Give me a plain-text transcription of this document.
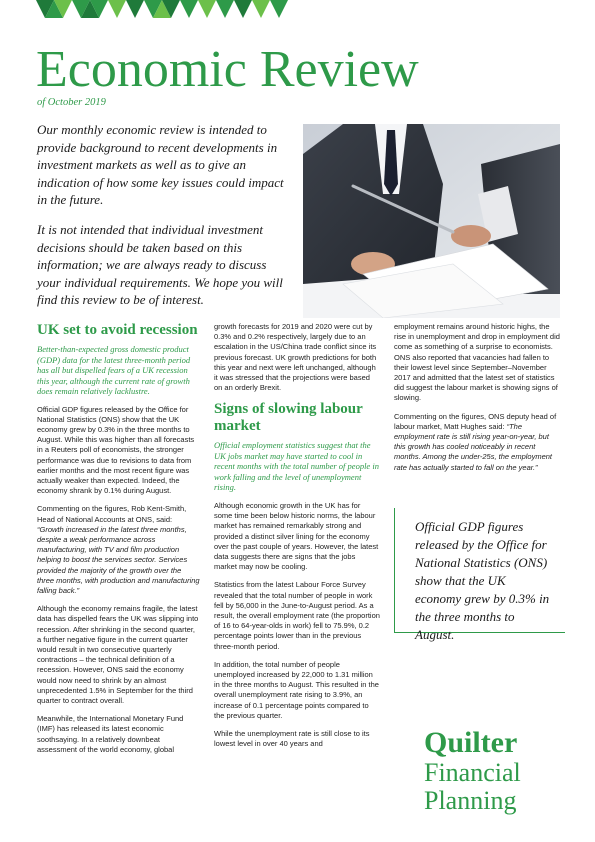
Economic Review
of October 2019

Our monthly economic review is intended to provide background to recent developments in investment markets as well as to give an indication of how some key issues could impact in the future.

It is not intended that individual investment decisions should be taken based on this information; we are always ready to discuss your individual requirements. We hope you will find this review to be of interest.

UK set to avoid recession

Better-than-expected gross domestic product (GDP) data for the latest three-month period has all but dispelled fears of a UK recession this year, although the current rate of growth does remain relatively lacklustre.

Official GDP figures released by the Office for National Statistics (ONS) show that the UK economy grew by 0.3% in the three months to August. While this was higher than all forecasts in a Reuters poll of economists, the stronger performance was due to revisions to data from earlier months and the most recent figure was actually weaker than expected. Indeed, the economy shrank by 0.1% during August.

Commenting on the figures, Rob Kent-Smith, Head of National Accounts at ONS, said: “Growth increased in the latest three months, despite a weak performance across manufacturing, with TV and film production helping to boost the services sector. Services provided the majority of the growth over the three months, with production and manufacturing falling back.”

Although the economy remains fragile, the latest data has dispelled fears the UK was slipping into recession. After shrinking in the second quarter, a further negative figure in the current quarter would result in two consecutive quarterly contractions – the technical definition of a recession. However, ONS said the economy would now need to shrink by an almost unprecedented 1.5% in September for the third quarter to contract overall.

Meanwhile, the International Monetary Fund (IMF) has released its latest economic soothsaying. In a relatively downbeat assessment of the world economy, global

growth forecasts for 2019 and 2020 were cut by 0.3% and 0.2% respectively, largely due to an escalation in the US/China trade conflict since its previous forecast. UK growth predictions for both this year and next were left unchanged, although it was stressed that the projections were based on an orderly Brexit.

Signs of slowing labour market

Official employment statistics suggest that the UK jobs market may have started to cool in recent months with the total number of people in work falling and the level of unemployment rising.

Although economic growth in the UK has for some time been below historic norms, the labour market has remained remarkably strong and provided a distinct silver lining for the economy over the past couple of years. However, the latest data suggests there are signs that the jobs market may now be cooling.

Statistics from the latest Labour Force Survey revealed that the total number of people in work fell by 56,000 in the June-to-August period. As a result, the overall employment rate (the proportion of 16 to 64-year-olds in work) fell to 75.9%, 0.2 percentage points lower than in the previous three-month period.

In addition, the total number of people unemployed increased by 22,000 to 1.31 million in the three months to August. This resulted in the overall unemployment rate rising to 3.9%, an increase of 0.1 percentage points compared to the previous quarter.

While the unemployment rate is still close to its lowest level in over 40 years and

employment remains around historic highs, the rise in unemployment and drop in employment did come as something of a surprise to economists. ONS also reported that vacancies had fallen to their lowest level since September–November 2017 and admitted that the latest set of statistics did suggest the labour market is showing signs of slowing.

Commenting on the figures, ONS deputy head of labour market, Matt Hughes said: “The employment rate is still rising year-on-year, but this growth has cooled noticeably in recent months. Among the under-25s, the employment rate has actually started to fall on the year.”

Official GDP figures released by the Office for National Statistics (ONS) show that the UK economy grew by 0.3% in the three months to August.
Quilter
Financial
Planning
